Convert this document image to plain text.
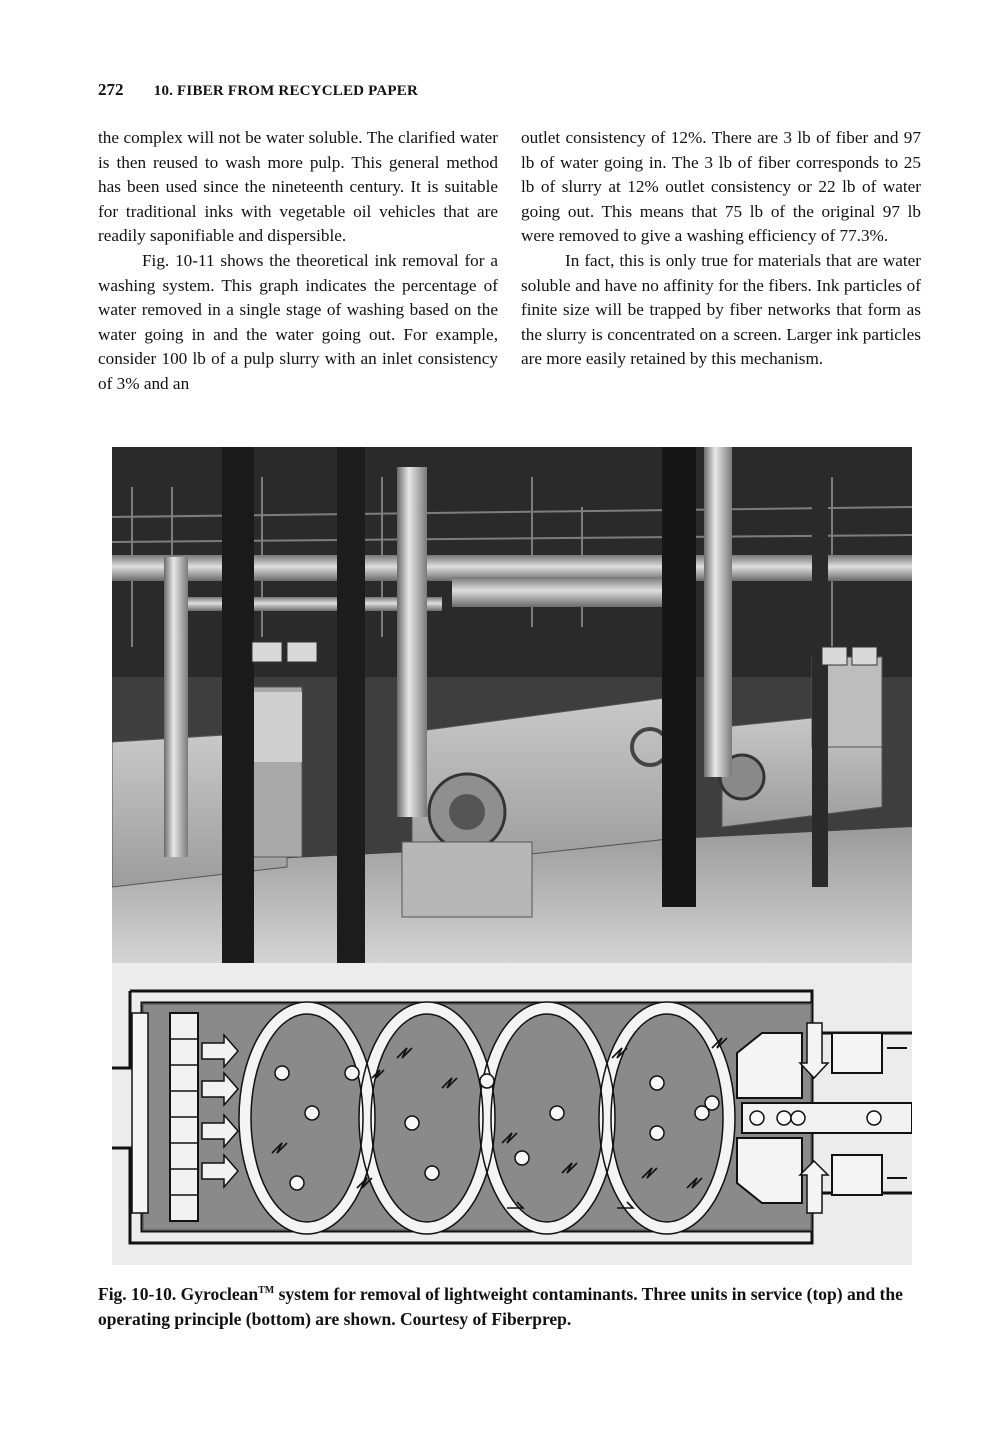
272 10. FIBER FROM RECYCLED PAPER

the complex will not be water soluble. The clarified water is then reused to wash more pulp. This general method has been used since the nineteenth century. It is suitable for traditional inks with vegetable oil vehicles that are readily saponifiable and dispersible.

Fig. 10-11 shows the theoretical ink removal for a washing system. This graph indicates the percentage of water removed in a single stage of washing based on the water going in and the water going out. For example, consider 100 lb of a pulp slurry with an inlet consistency of 3% and an

outlet consistency of 12%. There are 3 lb of fiber and 97 lb of water going in. The 3 lb of fiber corresponds to 25 lb of slurry at 12% outlet consistency or 22 lb of water going out. This means that 75 lb of the original 97 lb were removed to give a washing efficiency of 77.3%.

In fact, this is only true for materials that are water soluble and have no affinity for the fibers. Ink particles of finite size will be trapped by fiber networks that form as the slurry is concentrated on a screen. Larger ink particles are more easily retained by this mechanism.

Fig. 10-10. Gyroclean™ system for removal of lightweight contaminants. Three units in service (top) and the operating principle (bottom) are shown. Courtesy of Fiberprep.
